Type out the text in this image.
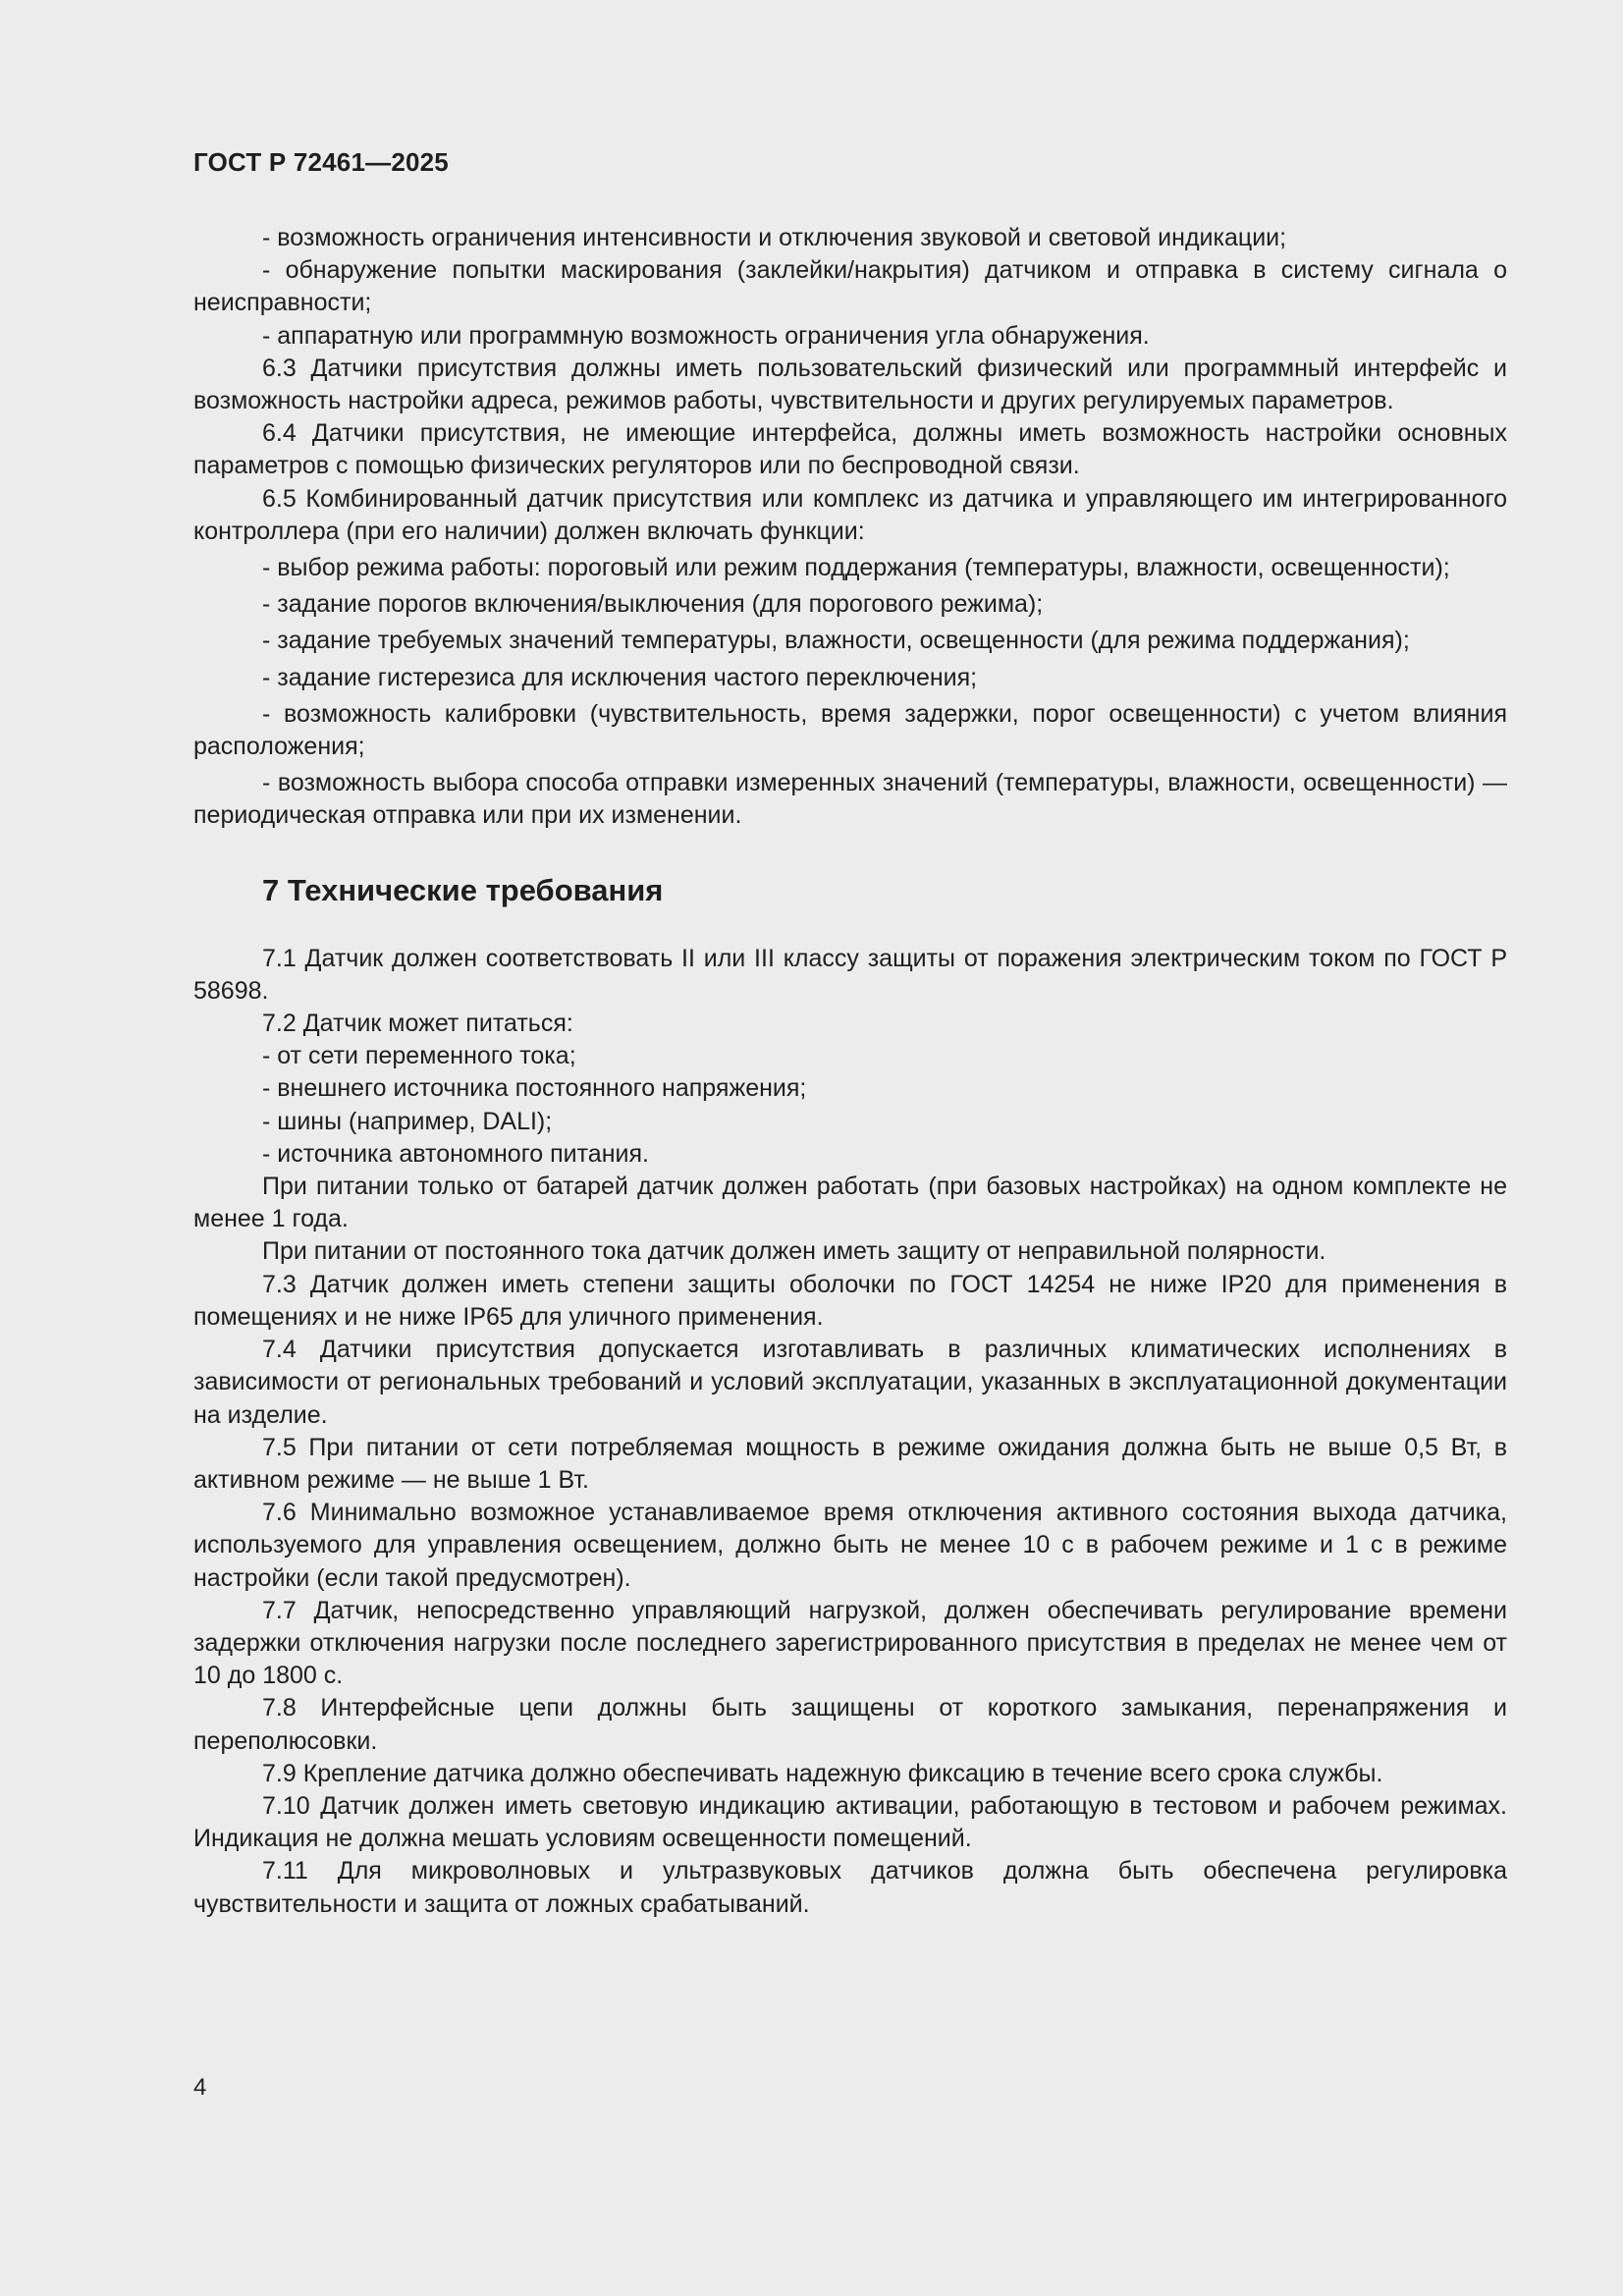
ГОСТ Р 72461—2025

- возможность ограничения интенсивности и отключения звуковой и световой индикации;

- обнаружение попытки маскирования (заклейки/накрытия) датчиком и отправка в систему сигнала о неисправности;

- аппаратную или программную возможность ограничения угла обнаружения.

6.3 Датчики присутствия должны иметь пользовательский физический или программный интерфейс и возможность настройки адреса, режимов работы, чувствительности и других регулируемых параметров.

6.4 Датчики присутствия, не имеющие интерфейса, должны иметь возможность настройки основных параметров с помощью физических регуляторов или по беспроводной связи.

6.5 Комбинированный датчик присутствия или комплекс из датчика и управляющего им интегрированного контроллера (при его наличии) должен включать функции:

- выбор режима работы: пороговый или режим поддержания (температуры, влажности, освещенности);

- задание порогов включения/выключения (для порогового режима);

- задание требуемых значений температуры, влажности, освещенности (для режима поддержания);

- задание гистерезиса для исключения частого переключения;

- возможность калибровки (чувствительность, время задержки, порог освещенности) с учетом влияния расположения;

- возможность выбора способа отправки измеренных значений (температуры, влажности, освещенности) — периодическая отправка или при их изменении.

7 Технические требования

7.1 Датчик должен соответствовать II или III классу защиты от поражения электрическим током по ГОСТ Р 58698.

7.2 Датчик может питаться:

- от сети переменного тока;

- внешнего источника постоянного напряжения;

- шины (например, DALI);

- источника автономного питания.

При питании только от батарей датчик должен работать (при базовых настройках) на одном комплекте не менее 1 года.

При питании от постоянного тока датчик должен иметь защиту от неправильной полярности.

7.3 Датчик должен иметь степени защиты оболочки по ГОСТ 14254 не ниже IP20 для применения в помещениях и не ниже IP65 для уличного применения.

7.4 Датчики присутствия допускается изготавливать в различных климатических исполнениях в зависимости от региональных требований и условий эксплуатации, указанных в эксплуатационной документации на изделие.

7.5 При питании от сети потребляемая мощность в режиме ожидания должна быть не выше 0,5 Вт, в активном режиме — не выше 1 Вт.

7.6 Минимально возможное устанавливаемое время отключения активного состояния выхода датчика, используемого для управления освещением, должно быть не менее 10 с в рабочем режиме и 1 с в режиме настройки (если такой предусмотрен).

7.7 Датчик, непосредственно управляющий нагрузкой, должен обеспечивать регулирование времени задержки отключения нагрузки после последнего зарегистрированного присутствия в пределах не менее чем от 10 до 1800 с.

7.8 Интерфейсные цепи должны быть защищены от короткого замыкания, перенапряжения и переполюсовки.

7.9 Крепление датчика должно обеспечивать надежную фиксацию в течение всего срока службы.

7.10 Датчик должен иметь световую индикацию активации, работающую в тестовом и рабочем режимах. Индикация не должна мешать условиям освещенности помещений.

7.11 Для микроволновых и ультразвуковых датчиков должна быть обеспечена регулировка чувствительности и защита от ложных срабатываний.

4
